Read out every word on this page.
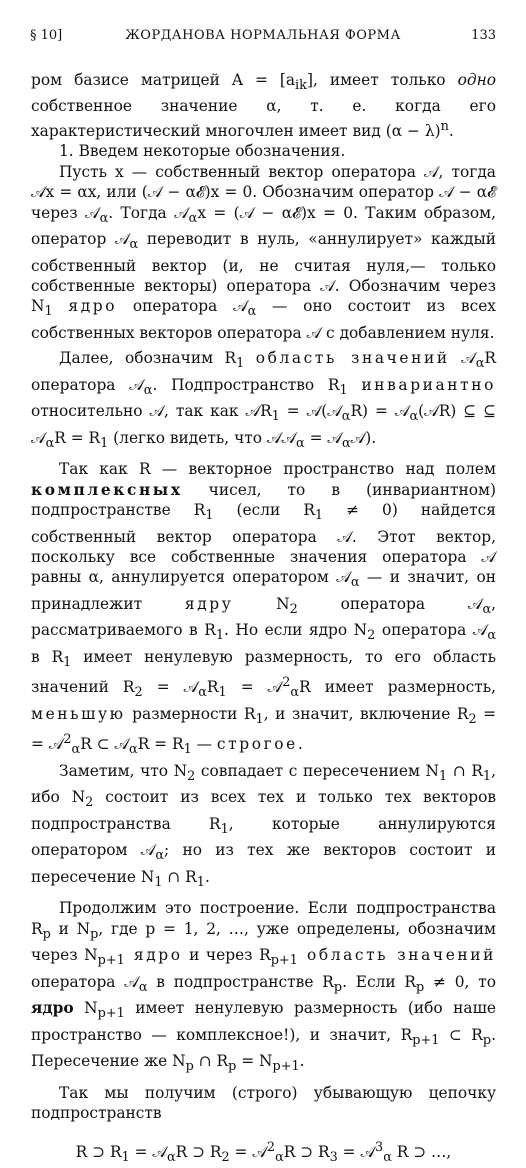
§ 10]	ЖОРДАНОВА НОРМАЛЬНАЯ ФОРМА	133

ром базисе матрицей $A = [a_{ik}]$, имеет только одно собственное значение α, т. е. когда его характеристический многочлен имеет вид $(\alpha - \lambda)^n$.

1. Введем некоторые обозначения.

Пусть x — собственный вектор оператора 𝒜, тогда 𝒜x = αx, или (𝒜 − α𝓔)x = 0. Обозначим оператор 𝒜 − α𝓔 через 𝒜$_\alpha$. Тогда 𝒜$_\alpha$x = (𝒜 − α𝓔)x = 0. Таким образом, оператор 𝒜$_\alpha$ переводит в нуль, «аннулирует» каждый собственный вектор (и, не считая нуля,— только собственные векторы) оператора 𝒜. Обозначим через $N_1$ ядро оператора 𝒜$_\alpha$ — оно состоит из всех собственных векторов оператора 𝒜 с добавлением нуля.

Далее, обозначим $R_1$ область значений 𝒜$_\alpha$R оператора 𝒜$_\alpha$. Подпространство $R_1$ инвариантно относительно 𝒜, так как 𝒜R$_1$ = 𝒜(𝒜$_\alpha$R) = 𝒜$_\alpha$(𝒜R) ⊆ ⊆ 𝒜$_\alpha$R = $R_1$ (легко видеть, что 𝒜𝒜$_\alpha$ = 𝒜$_\alpha$𝒜).

Так как R — векторное пространство над полем комплексных чисел, то в (инвариантном) подпространстве $R_1$ (если $R_1 \ne 0$) найдется собственный вектор оператора 𝒜. Этот вектор, поскольку все собственные значения оператора 𝒜 равны α, аннулируется оператором 𝒜$_\alpha$ — и значит, он принадлежит ядру $N_2$ оператора 𝒜$_\alpha$, рассматриваемого в $R_1$. Но если ядро $N_2$ оператора 𝒜$_\alpha$ в $R_1$ имеет ненулевую размерность, то его область значений $R_2$ = $𝒜_\alpha R_1$ = 𝒜$^2_\alpha$R имеет размерность, меньшую размерности $R_1$, и значит, включение $R_2$ = = 𝒜$^2_\alpha$R ⊂ 𝒜$_\alpha$R = $R_1$ — строгое.

Заметим, что $N_2$ совпадает с пересечением $N_1$ ∩ $R_1$, ибо $N_2$ состоит из всех тех и только тех векторов подпространства $R_1$, которые аннулируются оператором 𝒜$_\alpha$; но из тех же векторов состоит и пересечение $N_1$ ∩ $R_1$.

Продолжим это построение. Если подпространства $R_p$ и $N_p$, где p = 1, 2, …, уже определены, обозначим через $N_{p+1}$ ядро и через $R_{p+1}$ область значений оператора 𝒜$_\alpha$ в подпространстве $R_p$. Если $R_p \ne 0$, то ядро $N_{p+1}$ имеет ненулевую размерность (ибо наше пространство — комплексное!), и значит, $R_{p+1}$ ⊂ $R_p$. Пересечение же $N_p$ ∩ $R_p = N_{p+1}$.

Так мы получим (строго) убывающую цепочку подпространств

R ⊃ $R_1$ = 𝒜$_\alpha$R ⊃ $R_2$ = 𝒜$^2_\alpha$R ⊃ $R_3$ = 𝒜$^3_\alpha$ R ⊃ …,
